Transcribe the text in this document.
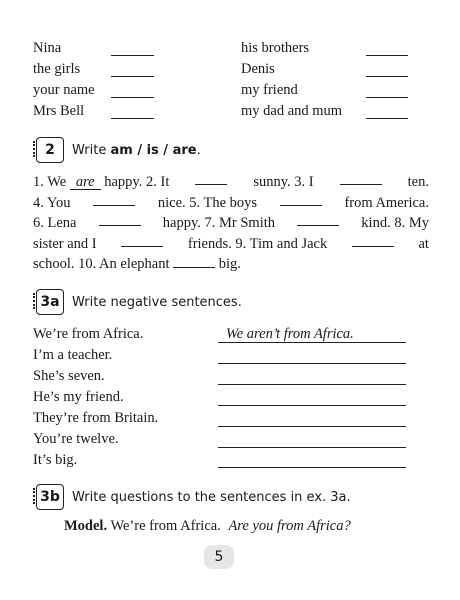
Nina	his brothers
the girls	Denis
your name	my friend
Mrs Bell	my dad and mum
2 Write am / is / are.
1. We are happy. 2. It	sunny. 3. I	ten.
4. You	nice. 5. The boys	from America.
6. Lena	happy. 7. Mr Smith	kind. 8. My
sister and I	friends. 9. Tim and Jack	at
school. 10. An elephant	big.
3a Write negative sentences.
We’re from Africa.	We aren’t from Africa.
I’m a teacher.
She’s seven.
He’s my friend.
They’re from Britain.
You’re twelve.
It’s big.
3b Write questions to the sentences in ex. 3a.
Model. We’re from Africa. Are you from Africa?
5
